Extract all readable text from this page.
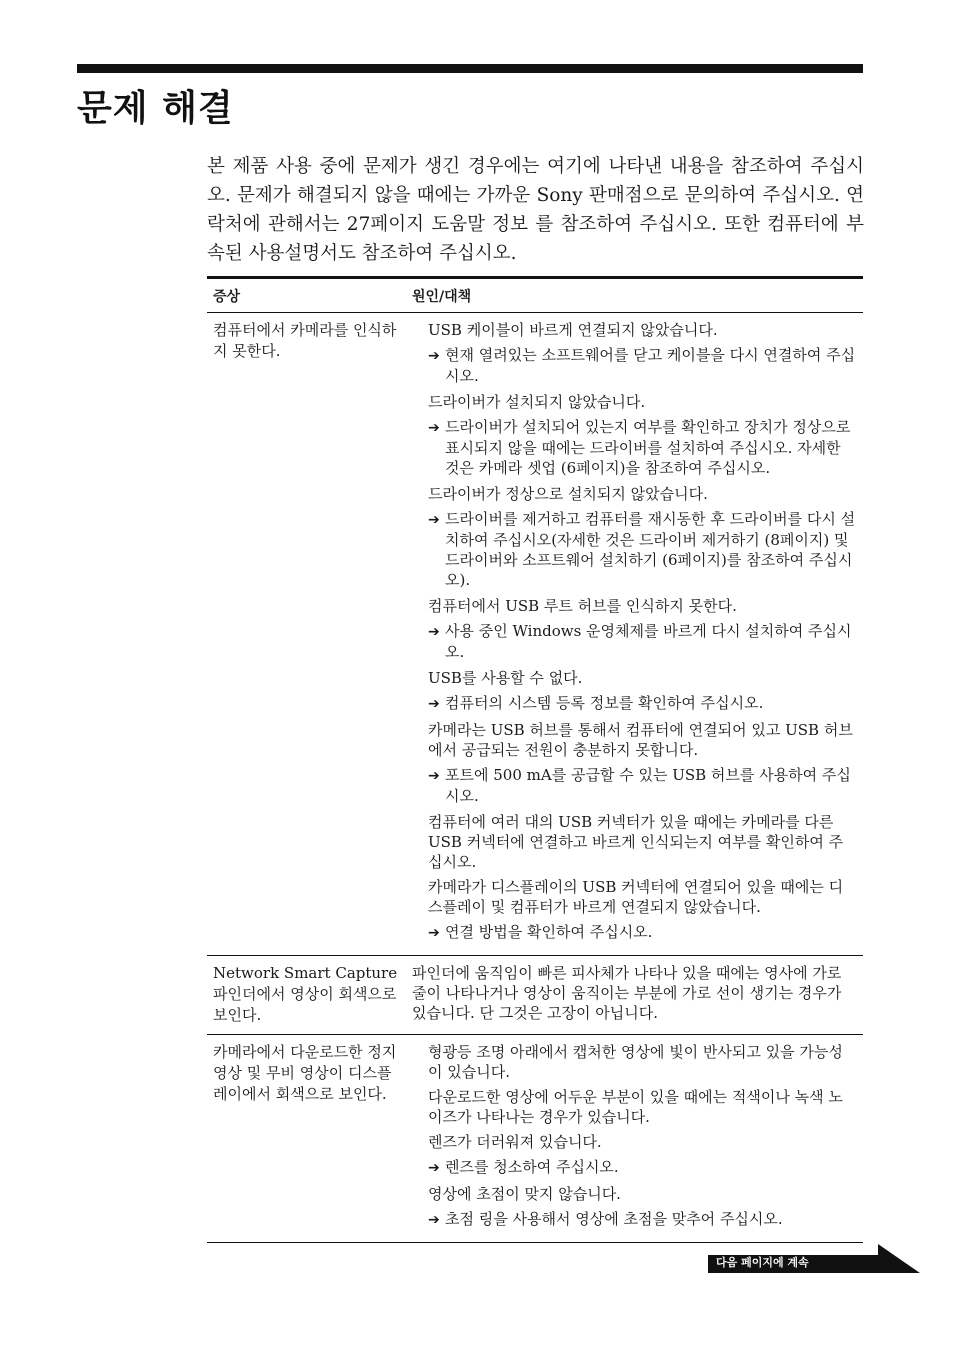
문제 해결

본 제품 사용 중에 문제가 생긴 경우에는 여기에 나타낸 내용을 참조하여 주십시오. 문제가 해결되지 않을 때에는 가까운 Sony 판매점으로 문의하여 주십시오. 연락처에 관해서는 27페이지 도움말 정보 를 참조하여 주십시오. 또한 컴퓨터에 부속된 사용설명서도 참조하여 주십시오.

증상	원인/대책
컴퓨터에서 카메라를 인식하지 못한다.

USB 케이블이 바르게 연결되지 않았습니다.

➔ 현재 열려있는 소프트웨어를 닫고 케이블을 다시 연결하여 주십시오.

드라이버가 설치되지 않았습니다.

➔ 드라이버가 설치되어 있는지 여부를 확인하고 장치가 정상으로 표시되지 않을 때에는 드라이버를 설치하여 주십시오. 자세한 것은 카메라 셋업 (6페이지)을 참조하여 주십시오.

드라이버가 정상으로 설치되지 않았습니다.

➔ 드라이버를 제거하고 컴퓨터를 재시동한 후 드라이버를 다시 설치하여 주십시오(자세한 것은 드라이버 제거하기 (8페이지) 및 드라이버와 소프트웨어 설치하기 (6페이지)를 참조하여 주십시오).

컴퓨터에서 USB 루트 허브를 인식하지 못한다.

➔ 사용 중인 Windows 운영체제를 바르게 다시 설치하여 주십시오.

USB를 사용할 수 없다.

➔ 컴퓨터의 시스템 등록 정보를 확인하여 주십시오.

카메라는 USB 허브를 통해서 컴퓨터에 연결되어 있고 USB 허브에서 공급되는 전원이 충분하지 못합니다.

➔ 포트에 500 mA를 공급할 수 있는 USB 허브를 사용하여 주십시오.

컴퓨터에 여러 대의 USB 커넥터가 있을 때에는 카메라를 다른 USB 커넥터에 연결하고 바르게 인식되는지 여부를 확인하여 주십시오.

카메라가 디스플레이의 USB 커넥터에 연결되어 있을 때에는 디스플레이 및 컴퓨터가 바르게 연결되지 않았습니다.

➔ 연결 방법을 확인하여 주십시오.

Network Smart Capture 파인더에서 영상이 회색으로 보인다.

파인더에 움직임이 빠른 피사체가 나타나 있을 때에는 영사에 가로 줄이 나타나거나 영상이 움직이는 부분에 가로 선이 생기는 경우가 있습니다. 단 그것은 고장이 아닙니다.

카메라에서 다운로드한 정지영상 및 무비 영상이 디스플레이에서 회색으로 보인다.

형광등 조명 아래에서 캡처한 영상에 빛이 반사되고 있을 가능성이 있습니다.

다운로드한 영상에 어두운 부분이 있을 때에는 적색이나 녹색 노이즈가 나타나는 경우가 있습니다.

렌즈가 더러워져 있습니다.

➔ 렌즈를 청소하여 주십시오.

영상에 초점이 맞지 않습니다.

➔ 초점 링을 사용해서 영상에 초점을 맞추어 주십시오.

다음 페이지에 계속
